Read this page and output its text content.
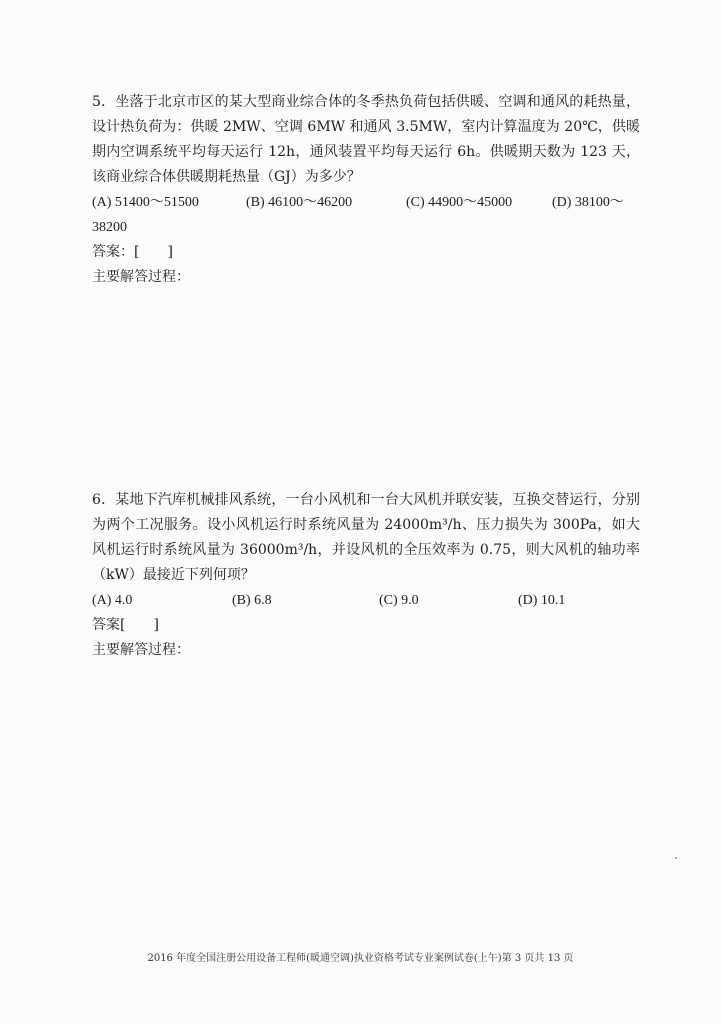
5．坐落于北京市区的某大型商业综合体的冬季热负荷包括供暖、空调和通风的耗热量，设计热负荷为：供暖 2MW、空调 6MW 和通风 3.5MW，室内计算温度为 20℃，供暖期内空调系统平均每天运行 12h，通风装置平均每天运行 6h。供暖期天数为 123 天，该商业综合体供暖期耗热量（GJ）为多少？

(A) 51400～51500	(B) 46100～46200	(C) 44900～45000	(D) 38100～
38200

答案：[　　]

主要解答过程：

6．某地下汽库机械排风系统，一台小风机和一台大风机并联安装，互换交替运行，分别为两个工况服务。设小风机运行时系统风量为 24000m³/h、压力损失为 300Pa，如大风机运行时系统风量为 36000m³/h，并设风机的全压效率为 0.75，则大风机的轴功率（kW）最接近下列何项？

(A) 4.0	(B) 6.8	(C) 9.0	(D) 10.1

答案[　　]

主要解答过程：

2016 年度全国注册公用设备工程师(暖通空调)执业资格考试专业案例试卷(上午)第 3 页共 13 页
